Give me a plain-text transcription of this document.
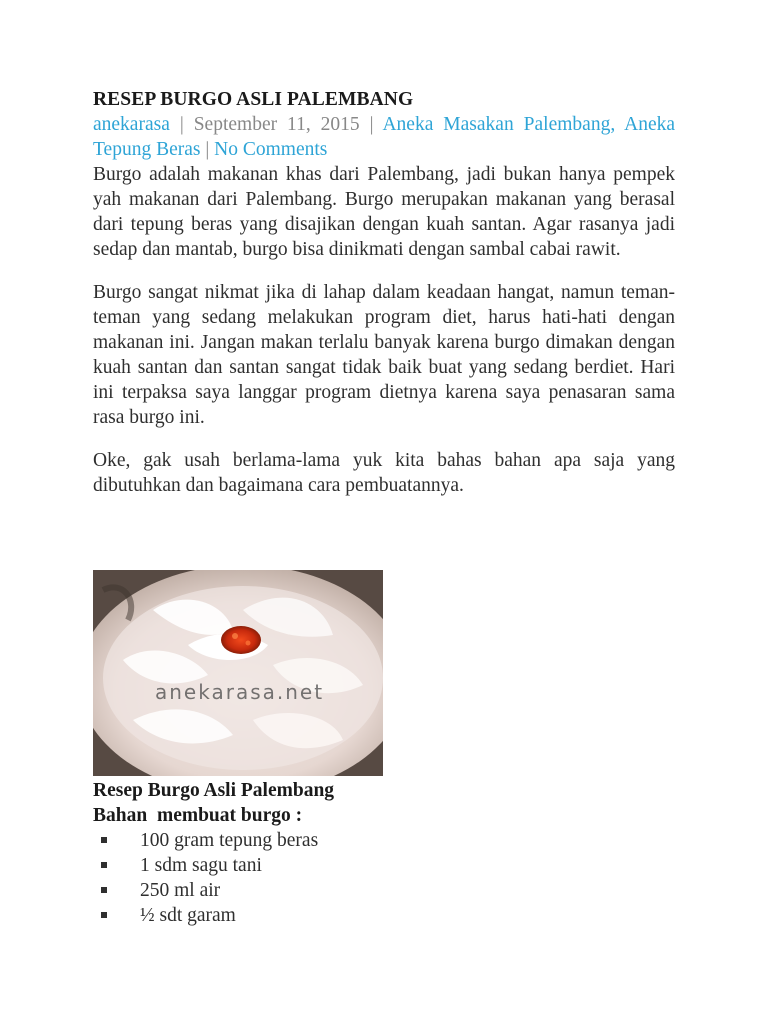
RESEP BURGO ASLI PALEMBANG
anekarasa | September 11, 2015 | Aneka Masakan Palembang, Aneka Tepung Beras | No Comments

Burgo adalah makanan khas dari Palembang, jadi bukan hanya pempek yah makanan dari Palembang. Burgo merupakan makanan yang berasal dari tepung beras yang disajikan dengan kuah santan. Agar rasanya jadi sedap dan mantab, burgo bisa dinikmati dengan sambal cabai rawit.

Burgo sangat nikmat jika di lahap dalam keadaan hangat, namun teman-teman yang sedang melakukan program diet, harus hati-hati dengan makanan ini. Jangan makan terlalu banyak karena burgo dimakan dengan kuah santan dan santan sangat tidak baik buat yang sedang berdiet. Hari ini terpaksa saya langgar program dietnya karena saya penasaran sama rasa burgo ini.

Oke, gak usah berlama-lama yuk kita bahas bahan apa saja yang dibutuhkan dan bagaimana cara pembuatannya.

anekarasa.net
Resep Burgo Asli Palembang
Bahan  membuat burgo :
100 gram tepung beras
1 sdm sagu tani
250 ml air
½ sdt garam
